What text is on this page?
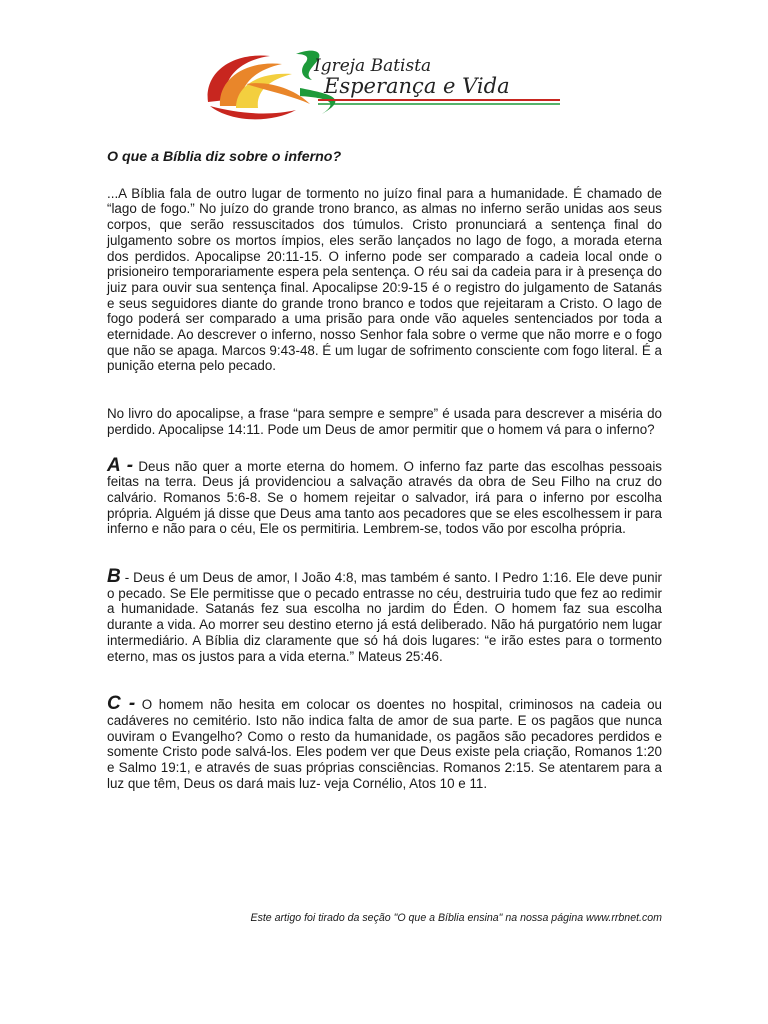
Igreja Batista
Esperança e Vida
O que a Bíblia diz sobre o inferno?

...A Bíblia fala de outro lugar de tormento no juízo final para a humanidade. É chamado de “lago de fogo.” No juízo do grande trono branco, as almas no inferno serão unidas aos seus corpos, que serão ressuscitados dos túmulos. Cristo pronunciará a sentença final do julgamento sobre os mortos ímpios, eles serão lançados no lago de fogo, a morada eterna dos perdidos. Apocalipse 20:11-15. O inferno pode ser comparado a cadeia local onde o prisioneiro temporariamente espera pela sentença. O réu sai da cadeia para ir à presença do juiz para ouvir sua sentença final. Apocalipse 20:9-15 é o registro do julgamento de Satanás e seus seguidores diante do grande trono branco e todos que rejeitaram a Cristo. O lago de fogo poderá ser comparado a uma prisão para onde vão aqueles sentenciados por toda a eternidade. Ao descrever o inferno, nosso Senhor fala sobre o verme que não morre e o fogo que não se apaga. Marcos 9:43-48. É um lugar de sofrimento consciente com fogo literal. É a punição eterna pelo pecado.

No livro do apocalipse, a frase “para sempre e sempre” é usada para descrever a miséria do perdido. Apocalipse 14:11. Pode um Deus de amor permitir que o homem vá para o inferno?

A - Deus não quer a morte eterna do homem. O inferno faz parte das escolhas pessoais feitas na terra. Deus já providenciou a salvação através da obra de Seu Filho na cruz do calvário. Romanos 5:6-8. Se o homem rejeitar o salvador, irá para o inferno por escolha própria. Alguém já disse que Deus ama tanto aos pecadores que se eles escolhessem ir para inferno e não para o céu, Ele os permitiria. Lembrem-se, todos vão por escolha própria.

B - Deus é um Deus de amor, I João 4:8, mas também é santo. I Pedro 1:16. Ele deve punir o pecado. Se Ele permitisse que o pecado entrasse no céu, destruiria tudo que fez ao redimir a humanidade. Satanás fez sua escolha no jardim do Éden. O homem faz sua escolha durante a vida. Ao morrer seu destino eterno já está deliberado. Não há purgatório nem lugar intermediário. A Bíblia diz claramente que só há dois lugares: “e irão estes para o tormento eterno, mas os justos para a vida eterna.” Mateus 25:46.

C - O homem não hesita em colocar os doentes no hospital, criminosos na cadeia ou cadáveres no cemitério. Isto não indica falta de amor de sua parte. E os pagãos que nunca ouviram o Evangelho? Como o resto da humanidade, os pagãos são pecadores perdidos e somente Cristo pode salvá-los. Eles podem ver que Deus existe pela criação, Romanos 1:20 e Salmo 19:1, e através de suas próprias consciências. Romanos 2:15. Se atentarem para a luz que têm, Deus os dará mais luz- veja Cornélio, Atos 10 e 11.

Este artigo foi tirado da seção "O que a Bíblia ensina" na nossa página www.rrbnet.com
